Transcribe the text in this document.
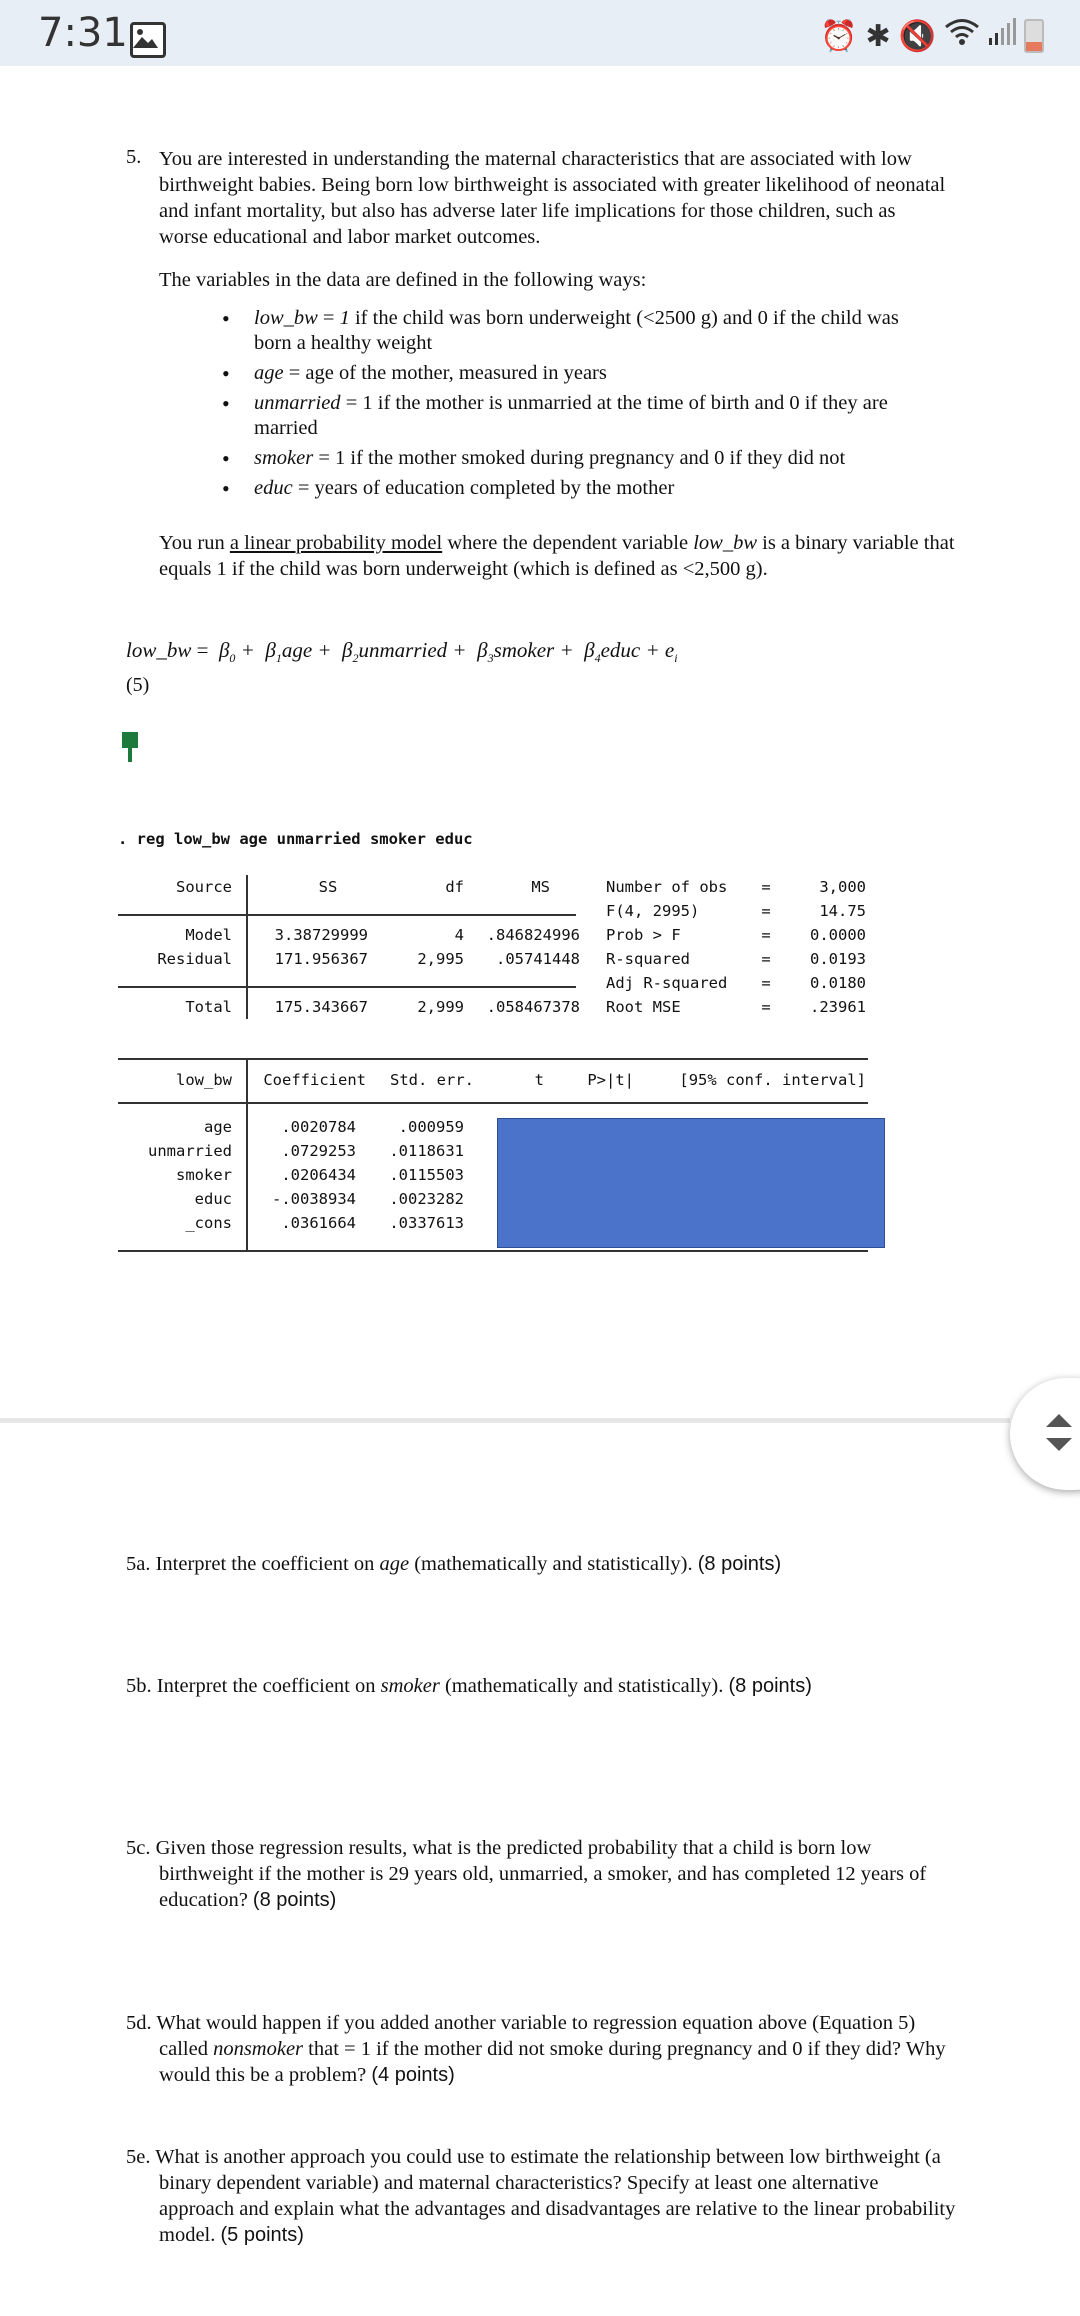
7:31	⏰ ✱ 🔇
5. You are interested in understanding the maternal characteristics that are associated with low birthweight babies. Being born low birthweight is associated with greater likelihood of neonatal and infant mortality, but also has adverse later life implications for those children, such as worse educational and labor market outcomes.
The variables in the data are defined in the following ways:
• low_bw = 1 if the child was born underweight (<2500 g) and 0 if the child was born a healthy weight
• age = age of the mother, measured in years
• unmarried = 1 if the mother is unmarried at the time of birth and 0 if they are married
• smoker = 1 if the mother smoked during pregnancy and 0 if they did not
• educ = years of education completed by the mother
You run a linear probability model where the dependent variable low_bw is a binary variable that equals 1 if the child was born underweight (which is defined as <2,500 g).
low_bw =  $\beta_0 + \beta_1age$ +  $\beta_2unmarried$ +  $\beta_3smoker$ +  $\beta_4educ + e_i$
(5)
. reg low_bw age unmarried smoker educ
Source	SS	df	MS
Model	3.38729999	4	.846824996
Residual	171.956367	2,995	.05741448
Total	175.343667	2,999	.058467378
Number of obs	=	3,000
F(4, 2995)	=	14.75
Prob > F	=	0.0000
R-squared	=	0.0193
Adj R-squared	=	0.0180
Root MSE	=	.23961
low_bw	Coefficient	Std. err.	t	P>|t|	[95% conf. interval]
age	.0020784	.000959
unmarried	.0729253	.0118631
smoker	.0206434	.0115503
educ	-.0038934	.0023282
_cons	.0361664	.0337613
5a. Interpret the coefficient on age (mathematically and statistically). (8 points)
5b. Interpret the coefficient on smoker (mathematically and statistically). (8 points)
5c. Given those regression results, what is the predicted probability that a child is born low birthweight if the mother is 29 years old, unmarried, a smoker, and has completed 12 years of education? (8 points)
5d. What would happen if you added another variable to regression equation above (Equation 5) called nonsmoker that = 1 if the mother did not smoke during pregnancy and 0 if they did? Why would this be a problem? (4 points)
5e. What is another approach you could use to estimate the relationship between low birthweight (a binary dependent variable) and maternal characteristics? Specify at least one alternative approach and explain what the advantages and disadvantages are relative to the linear probability model. (5 points)
